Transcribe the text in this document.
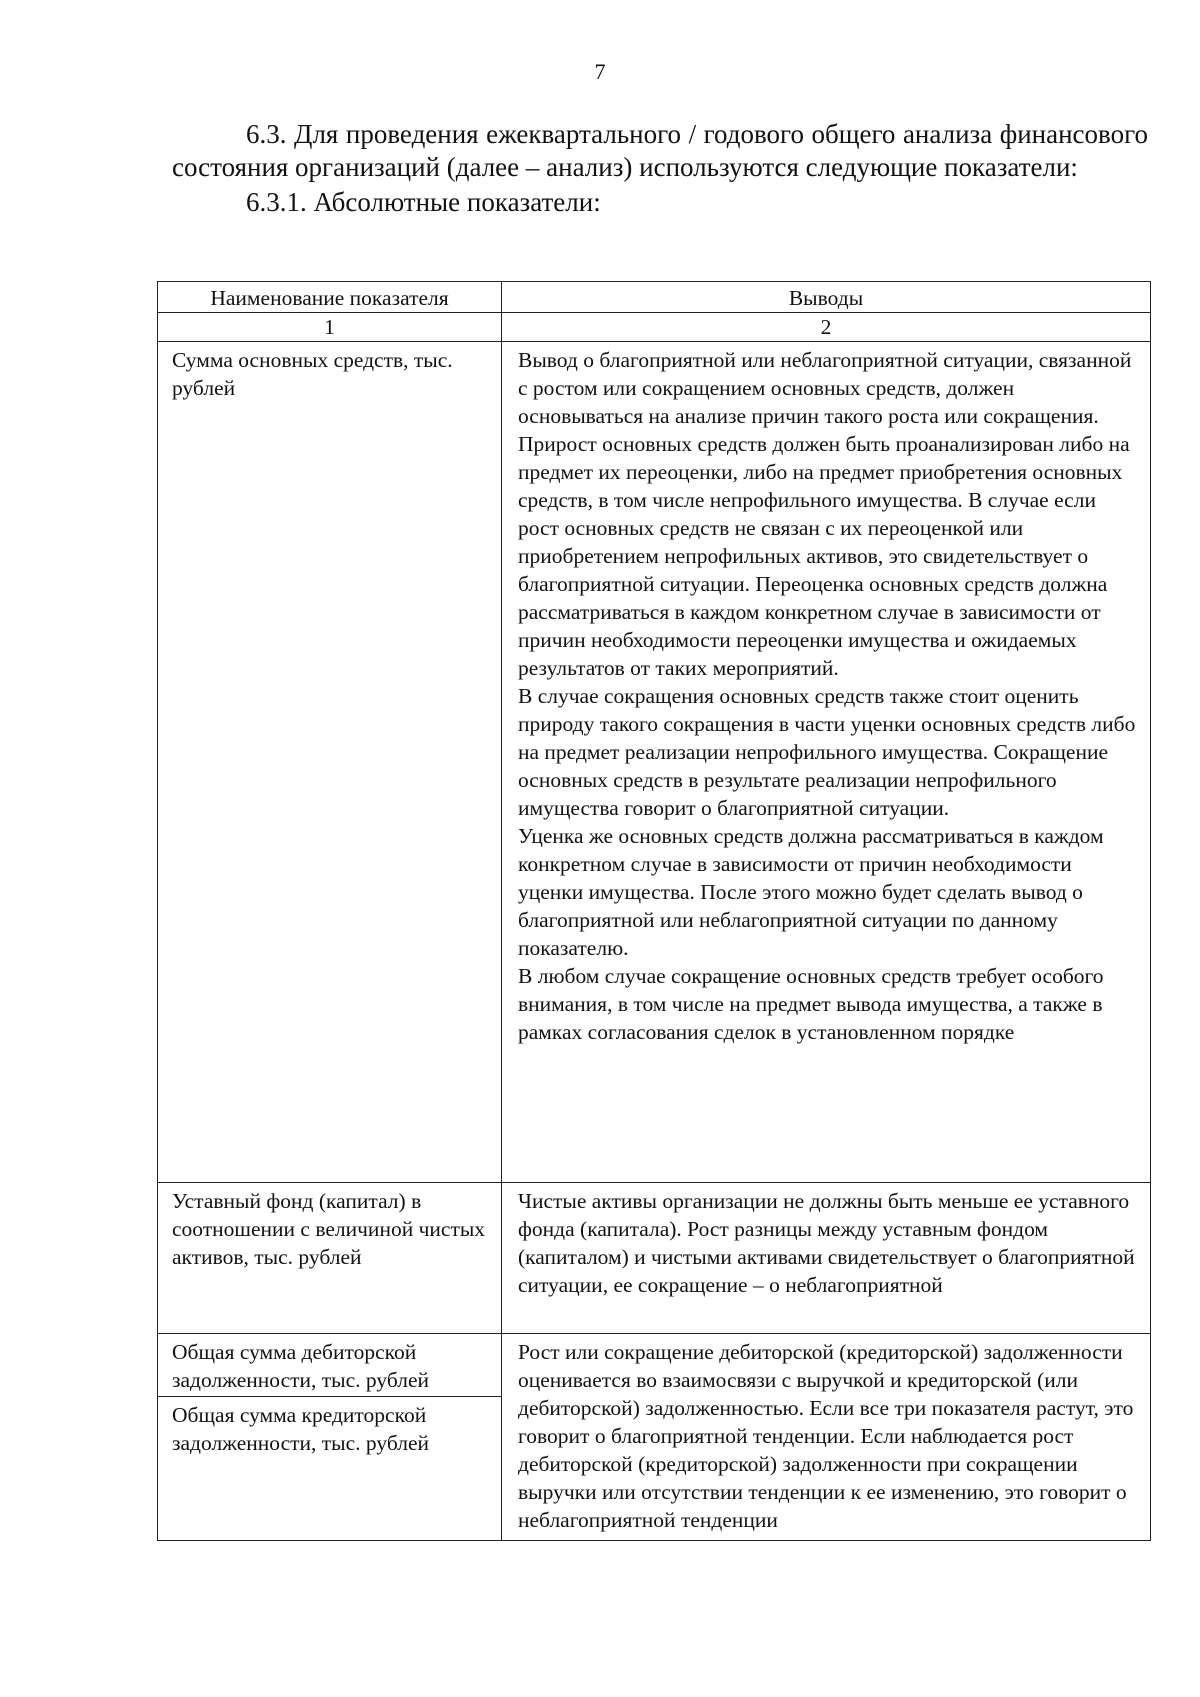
7

6.3. Для проведения ежеквартального / годового общего анализа финансового состояния организаций (далее – анализ) используются следующие показатели:

6.3.1. Абсолютные показатели:

Наименование показателя	Выводы
1	2
Сумма основных средств, тыс. рублей	Вывод о благоприятной или неблагоприятной ситуации, связанной с ростом или сокращением основных средств, должен основываться на анализе причин такого роста или сокращения.

Прирост основных средств должен быть проанализирован либо на предмет их переоценки, либо на предмет приобретения основных средств, в том числе непрофильного имущества. В случае если рост основных средств не связан с их переоценкой или приобретением непрофильных активов, это свидетельствует о благоприятной ситуации. Переоценка основных средств должна рассматриваться в каждом конкретном случае в зависимости от причин необходимости переоценки имущества и ожидаемых результатов от таких мероприятий.

В случае сокращения основных средств также стоит оценить природу такого сокращения в части уценки основных средств либо на предмет реализации непрофильного имущества. Сокращение основных средств в результате реализации непрофильного имущества говорит о благоприятной ситуации.

Уценка же основных средств должна рассматриваться в каждом конкретном случае в зависимости от причин необходимости уценки имущества. После этого можно будет сделать вывод о благоприятной или неблагоприятной ситуации по данному показателю.

В любом случае сокращение основных средств требует особого внимания, в том числе на предмет вывода имущества, а также в рамках согласования сделок в установленном порядке

Уставный фонд (капитал) в соотношении с величиной чистых активов, тыс. рублей	Чистые активы организации не должны быть меньше ее уставного фонда (капитала). Рост разницы между уставным фондом (капиталом) и чистыми активами свидетельствует о благоприятной ситуации, ее сокращение – о неблагоприятной

Общая сумма дебиторской задолженности, тыс. рублей
Общая сумма кредиторской задолженности, тыс. рублей	Рост или сокращение дебиторской (кредиторской) задолженности оценивается во взаимосвязи с выручкой и кредиторской (или дебиторской) задолженностью. Если все три показателя растут, это говорит о благоприятной тенденции. Если наблюдается рост дебиторской (кредиторской) задолженности при сокращении выручки или отсутствии тенденции к ее изменению, это говорит о неблагоприятной тенденции
